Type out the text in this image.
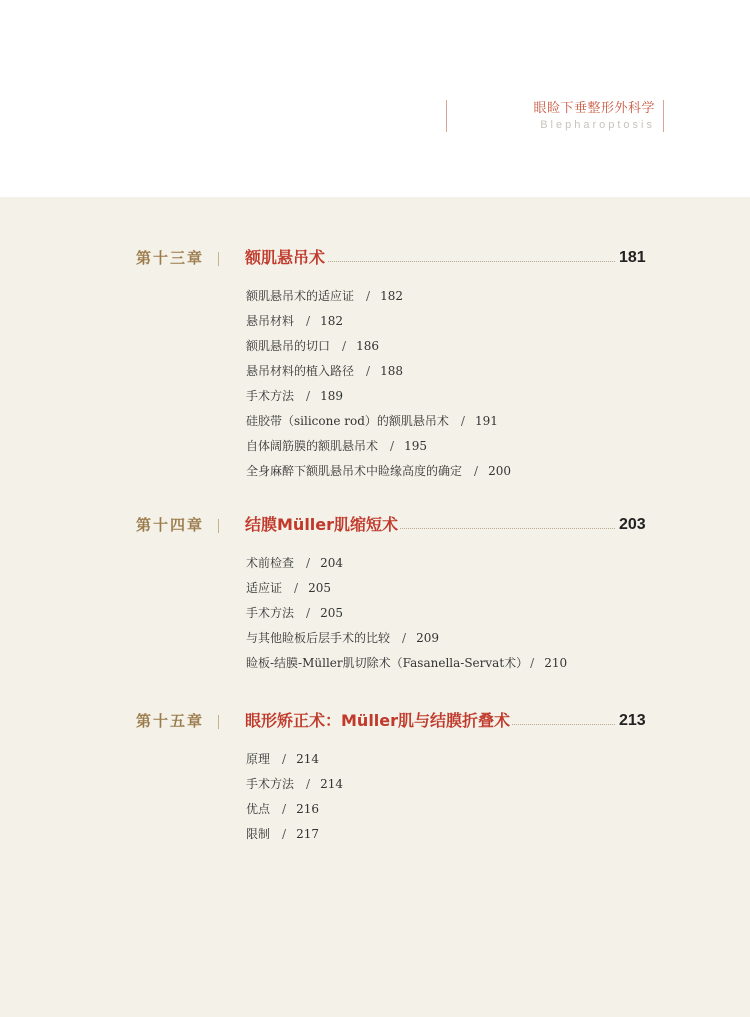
眼睑下垂整形外科学
Blepharoptosis
第十三章	额肌悬吊术	181
额肌悬吊术的适应证 / 182
悬吊材料 / 182
额肌悬吊的切口 / 186
悬吊材料的植入路径 / 188
手术方法 / 189
硅胶带（silicone rod）的额肌悬吊术 / 191
自体阔筋膜的额肌悬吊术 / 195
全身麻醉下额肌悬吊术中睑缘高度的确定 / 200
第十四章	结膜Müller肌缩短术	203
术前检查 / 204
适应证 / 205
手术方法 / 205
与其他睑板后层手术的比较 / 209
睑板-结膜-Müller肌切除术（Fasanella-Servat术） / 210
第十五章	眼形矫正术：Müller肌与结膜折叠术	213
原理 / 214
手术方法 / 214
优点 / 216
限制 / 217
